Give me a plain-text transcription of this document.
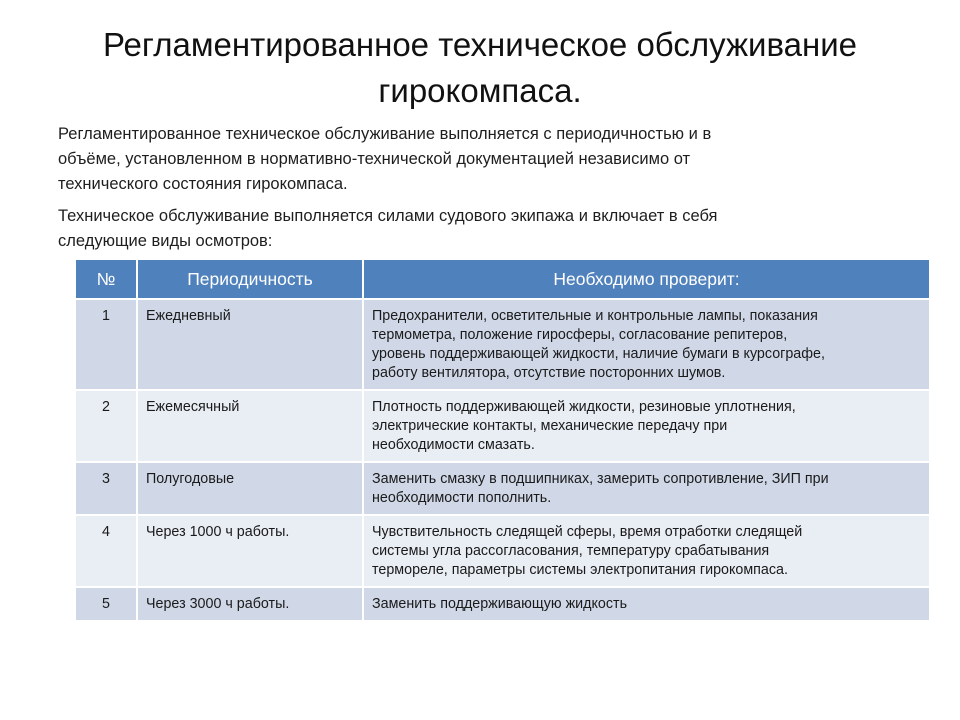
Регламентированное техническое обслуживание
гирокомпаса.

Регламентированное техническое обслуживание выполняется с периодичностью и в
объёме, установленном в нормативно-технической документацией независимо от
технического состояния гирокомпаса.

Техническое обслуживание выполняется силами судового экипажа и включает в себя
следующие виды осмотров:

№	Периодичность	Необходимо проверит:
1	Ежедневный	Предохранители, осветительные и контрольные лампы, показания
термометра, положение гиросферы, согласование репитеров,
уровень поддерживающей жидкости, наличие бумаги в курсографе,
работу вентилятора, отсутствие посторонних шумов.

2	Ежемесячный	Плотность поддерживающей жидкости, резиновые уплотнения,
электрические контакты, механические передачу при
необходимости смазать.

3	Полугодовые	Заменить смазку в подшипниках, замерить сопротивление, ЗИП при
необходимости пополнить.

4	Через 1000 ч работы.	Чувствительность следящей сферы, время отработки следящей
системы угла рассогласования, температуру срабатывания
термореле, параметры системы электропитания гирокомпаса.

5	Через 3000 ч работы.	Заменить поддерживающую жидкость
